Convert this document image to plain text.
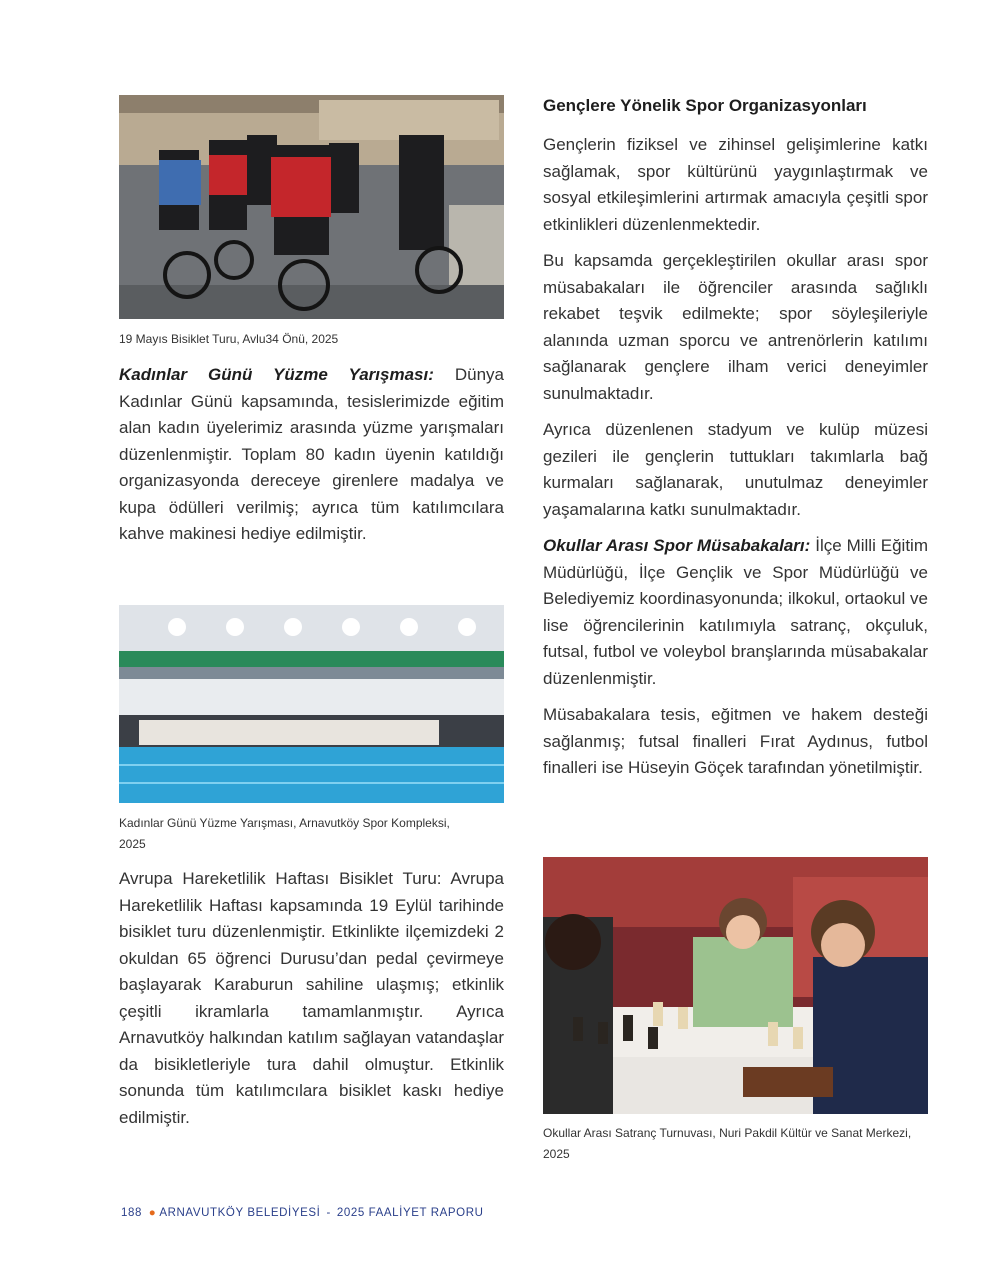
19 Mayıs Bisiklet Turu, Avlu34 Önü, 2025
Kadınlar Günü Yüzme Yarışması: Dünya Kadınlar Günü kapsamında, tesislerimizde eğitim alan kadın üyelerimiz arasında yüzme yarışmaları düzenlenmiştir. Toplam 80 kadın üyenin katıldığı organizasyonda dereceye girenlere madalya ve kupa ödülleri verilmiş; ayrıca tüm katılımcılara kahve makinesi hediye edilmiştir.
Kadınlar Günü Yüzme Yarışması, Arnavutköy Spor Kompleksi, 2025
Avrupa Hareketlilik Haftası Bisiklet Turu: Avrupa Hareketlilik Haftası kapsamında 19 Eylül tarihinde bisiklet turu düzenlenmiştir. Etkinlikte ilçemizdeki 2 okuldan 65 öğrenci Durusu’dan pedal çevirmeye başlayarak Karaburun sahiline ulaşmış; etkinlik çeşitli ikramlarla tamamlanmıştır. Ayrıca Arnavutköy halkından katılım sağlayan vatandaşlar da bisikletleriyle tura dahil olmuştur. Etkinlik sonunda tüm katılımcılara bisiklet kaskı hediye edilmiştir.
Gençlere Yönelik Spor Organizasyonları

Gençlerin fiziksel ve zihinsel gelişimlerine katkı sağlamak, spor kültürünü yaygınlaştırmak ve sosyal etkileşimlerini artırmak amacıyla çeşitli spor etkinlikleri düzenlenmektedir.

Bu kapsamda gerçekleştirilen okullar arası spor müsabakaları ile öğrenciler arasında sağlıklı rekabet teşvik edilmekte; spor söyleşileriyle alanında uzman sporcu ve antrenörlerin katılımı sağlanarak gençlere ilham verici deneyimler sunulmaktadır.

Ayrıca düzenlenen stadyum ve kulüp müzesi gezileri ile gençlerin tuttukları takımlarla bağ kurmaları sağlanarak, unutulmaz deneyimler yaşamalarına katkı sunulmaktadır.

Okullar Arası Spor Müsabakaları: İlçe Milli Eğitim Müdürlüğü, İlçe Gençlik ve Spor Müdürlüğü ve Belediyemiz koordinasyonunda; ilkokul, ortaokul ve lise öğrencilerinin katılımıyla satranç, okçuluk, futsal, futbol ve voleybol branşlarında müsabakalar düzenlenmiştir.

Müsabakalara tesis, eğitmen ve hakem desteği sağlanmış; futsal finalleri Fırat Aydınus, futbol finalleri ise Hüseyin Göçek tarafından yönetilmiştir.

Okullar Arası Satranç Turnuvası, Nuri Pakdil Kültür ve Sanat Merkezi, 2025
188 ● ARNAVUTKÖY BELEDİYESİ - 2025 FAALİYET RAPORU
